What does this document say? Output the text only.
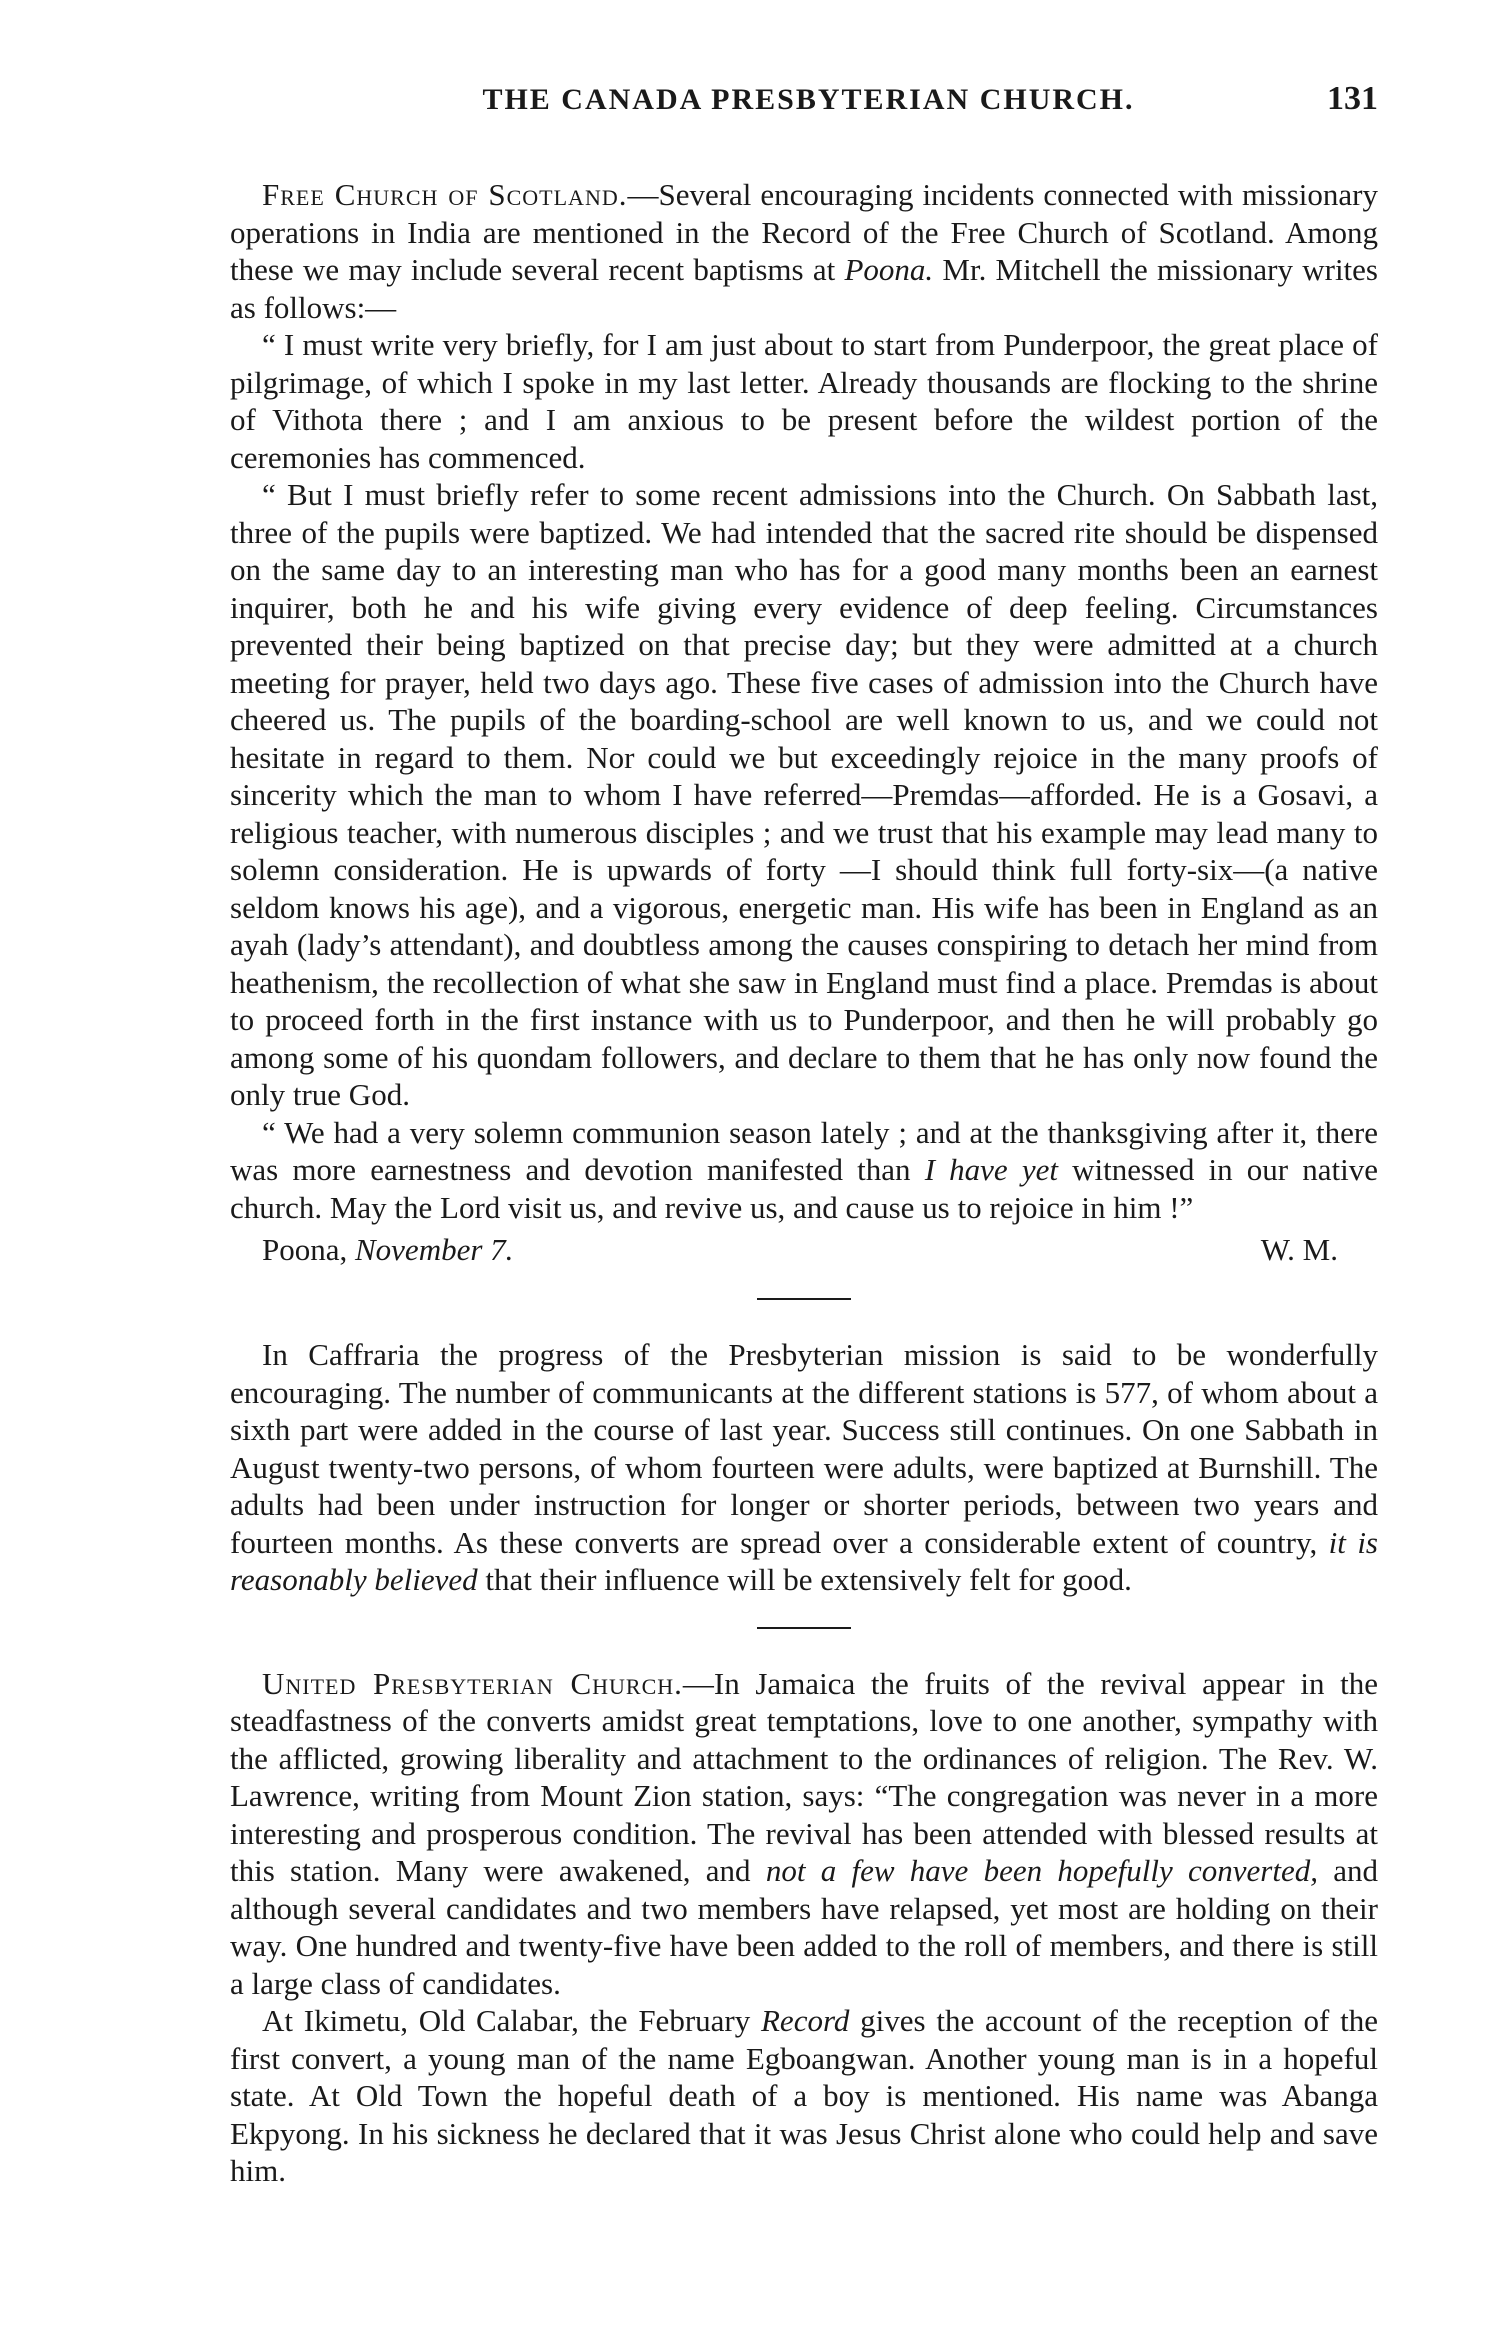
THE CANADA PRESBYTERIAN CHURCH.	131

Free Church of Scotland.—Several encouraging incidents connected with missionary operations in India are mentioned in the Record of the Free Church of Scotland. Among these we may include several recent baptisms at Poona. Mr. Mitchell the missionary writes as follows:—

“ I must write very briefly, for I am just about to start from Punderpoor, the great place of pilgrimage, of which I spoke in my last letter. Already thousands are flocking to the shrine of Vithota there ; and I am anxious to be present before the wildest portion of the ceremonies has commenced.

“ But I must briefly refer to some recent admissions into the Church. On Sabbath last, three of the pupils were baptized. We had intended that the sacred rite should be dispensed on the same day to an interesting man who has for a good many months been an earnest inquirer, both he and his wife giving every evidence of deep feeling. Circumstances prevented their being baptized on that precise day; but they were admitted at a church meeting for prayer, held two days ago. These five cases of admission into the Church have cheered us. The pupils of the boarding-school are well known to us, and we could not hesitate in regard to them. Nor could we but exceedingly rejoice in the many proofs of sincerity which the man to whom I have referred—Premdas—afforded. He is a Gosavi, a religious teacher, with numerous disciples ; and we trust that his example may lead many to solemn consideration. He is upwards of forty —I should think full forty-six—(a native seldom knows his age), and a vigorous, energetic man. His wife has been in England as an ayah (lady’s attendant), and doubtless among the causes conspiring to detach her mind from heathenism, the recollection of what she saw in England must find a place. Premdas is about to proceed forth in the first instance with us to Punderpoor, and then he will probably go among some of his quondam followers, and declare to them that he has only now found the only true God.

“ We had a very solemn communion season lately ; and at the thanksgiving after it, there was more earnestness and devotion manifested than I have yet witnessed in our native church. May the Lord visit us, and revive us, and cause us to rejoice in him !”

Poona, November 7.	W. M.

In Caffraria the progress of the Presbyterian mission is said to be wonderfully encouraging. The number of communicants at the different stations is 577, of whom about a sixth part were added in the course of last year. Success still continues. On one Sabbath in August twenty-two persons, of whom fourteen were adults, were baptized at Burnshill. The adults had been under instruction for longer or shorter periods, between two years and fourteen months. As these converts are spread over a considerable extent of country, it is reasonably believed that their influence will be extensively felt for good.

United Presbyterian Church.—In Jamaica the fruits of the revival appear in the steadfastness of the converts amidst great temptations, love to one another, sympathy with the afflicted, growing liberality and attachment to the ordinances of religion. The Rev. W. Lawrence, writing from Mount Zion station, says: “The congregation was never in a more interesting and prosperous condition. The revival has been attended with blessed results at this station. Many were awakened, and not a few have been hopefully converted, and although several candidates and two members have relapsed, yet most are holding on their way. One hundred and twenty-five have been added to the roll of members, and there is still a large class of candidates.

At Ikimetu, Old Calabar, the February Record gives the account of the reception of the first convert, a young man of the name Egboangwan. Another young man is in a hopeful state. At Old Town the hopeful death of a boy is mentioned. His name was Abanga Ekpyong. In his sickness he declared that it was Jesus Christ alone who could help and save him.
